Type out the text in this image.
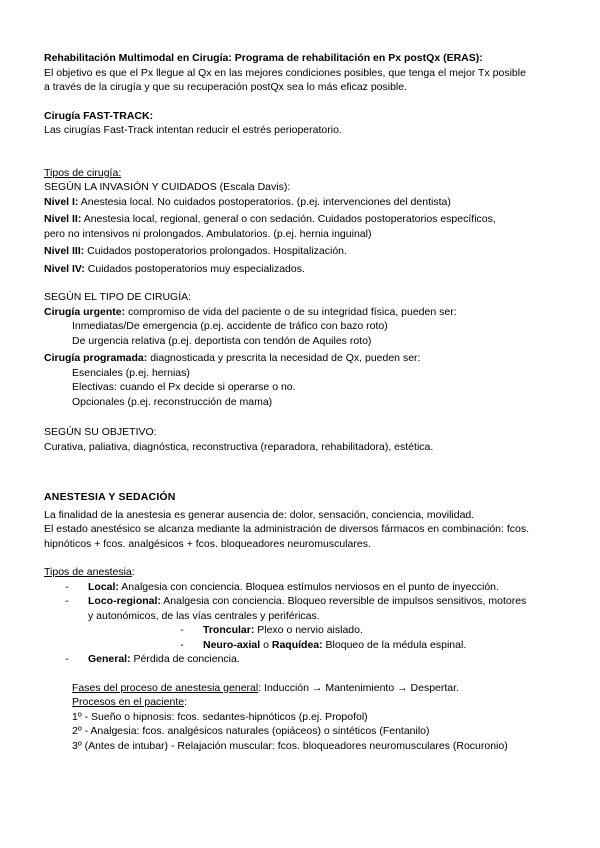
Rehabilitación Multimodal en Cirugía: Programa de rehabilitación en Px postQx (ERAS):
El objetivo es que el Px llegue al Qx en las mejores condiciones posibles, que tenga el mejor Tx posible
a través de la cirugía y que su recuperación postQx sea lo más eficaz posible.
Cirugía FAST-TRACK:
Las cirugías Fast-Track intentan reducir el estrés perioperatorio.
Tipos de cirugía:
SEGÚN LA INVASIÓN Y CUIDADOS (Escala Davis):
Nivel I: Anestesia local. No cuidados postoperatorios. (p.ej. intervenciones del dentista)
Nivel II: Anestesia local, regional, general o con sedación. Cuidados postoperatorios específicos,
pero no intensivos ni prolongados. Ambulatorios. (p.ej. hernia inguinal)
Nivel III: Cuidados postoperatorios prolongados. Hospitalización.
Nivel IV: Cuidados postoperatorios muy especializados.
SEGÚN EL TIPO DE CIRUGÍA:
Cirugía urgente: compromiso de vida del paciente o de su integridad física, pueden ser:
Inmediatas/De emergencia (p.ej. accidente de tráfico con bazo roto)
De urgencia relativa (p.ej. deportista con tendón de Aquiles roto)
Cirugía programada: diagnosticada y prescrita la necesidad de Qx, pueden ser:
Esenciales (p.ej. hernias)
Electivas: cuando el Px decide si operarse o no.
Opcionales (p.ej. reconstrucción de mama)
SEGÚN SU OBJETIVO:
Curativa, paliativa, diagnóstica, reconstructiva (reparadora, rehabilitadora), estética.
ANESTESIA Y SEDACIÓN
La finalidad de la anestesia es generar ausencia de: dolor, sensación, conciencia, movilidad.
El estado anestésico se alcanza mediante la administración de diversos fármacos en combinación: fcos.
hipnóticos + fcos. analgésicos + fcos. bloqueadores neuromusculares.
Tipos de anestesia:
-	Local: Analgesia con conciencia. Bloquea estímulos nerviosos en el punto de inyección.
-	Loco-regional: Analgesia con conciencia. Bloqueo reversible de impulsos sensitivos, motores
y autonómicos, de las vías centrales y periféricas.
-	Troncular: Plexo o nervio aislado.
-	Neuro-axial o Raquídea: Bloqueo de la médula espinal.
-	General: Pérdida de conciencia.
Fases del proceso de anestesia general: Inducción → Mantenimiento → Despertar.
Procesos en el paciente:
1º - Sueño o hipnosis: fcos. sedantes-hipnóticos (p.ej. Propofol)
2º - Analgesia: fcos. analgésicos naturales (opiáceos) o sintéticos (Fentanilo)
3º (Antes de intubar) - Relajación muscular: fcos. bloqueadores neuromusculares (Rocuronio)
